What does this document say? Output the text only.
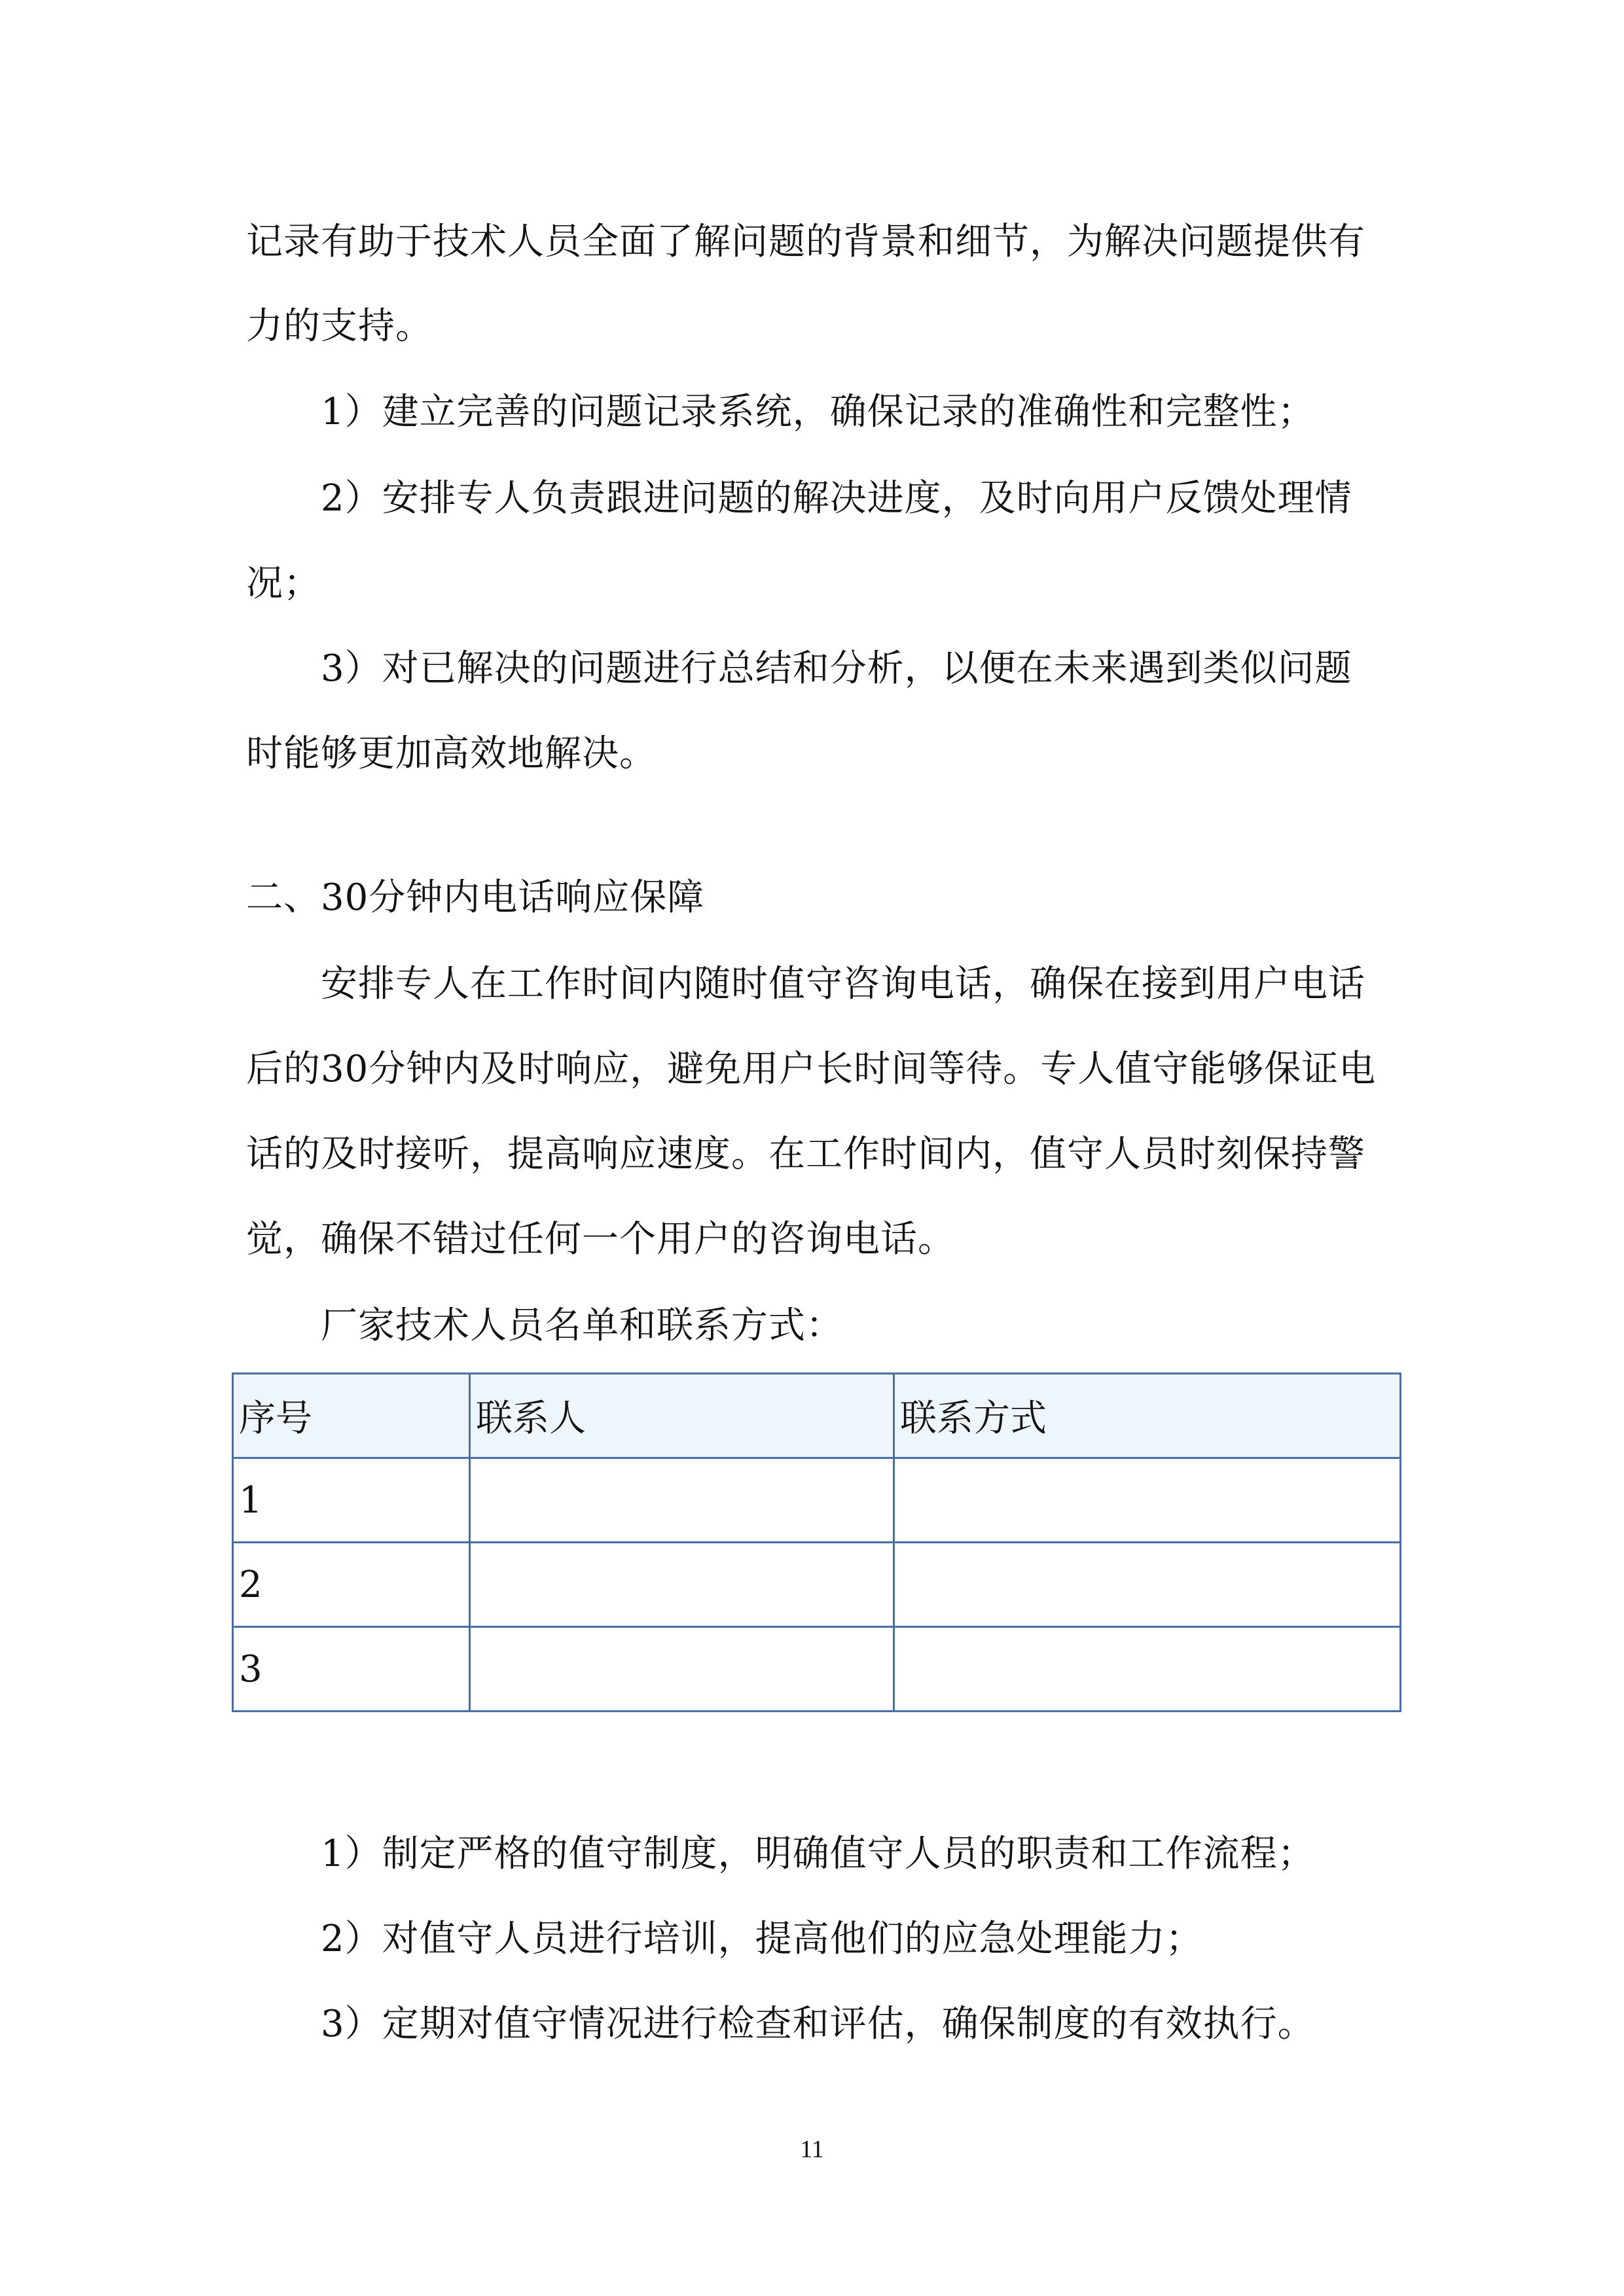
记录有助于技术人员全面了解问题的背景和细节，为解决问题提供有
力的支持。
1）建立完善的问题记录系统，确保记录的准确性和完整性；
2）安排专人负责跟进问题的解决进度，及时向用户反馈处理情
况；
3）对已解决的问题进行总结和分析，以便在未来遇到类似问题
时能够更加高效地解决。
二、30分钟内电话响应保障
安排专人在工作时间内随时值守咨询电话，确保在接到用户电话
后的30分钟内及时响应，避免用户长时间等待。专人值守能够保证电
话的及时接听，提高响应速度。在工作时间内，值守人员时刻保持警
觉，确保不错过任何一个用户的咨询电话。
厂家技术人员名单和联系方式：
序号	联系人	联系方式
1		
2		
3		
1）制定严格的值守制度，明确值守人员的职责和工作流程；
2）对值守人员进行培训，提高他们的应急处理能力；
3）定期对值守情况进行检查和评估，确保制度的有效执行。
11
